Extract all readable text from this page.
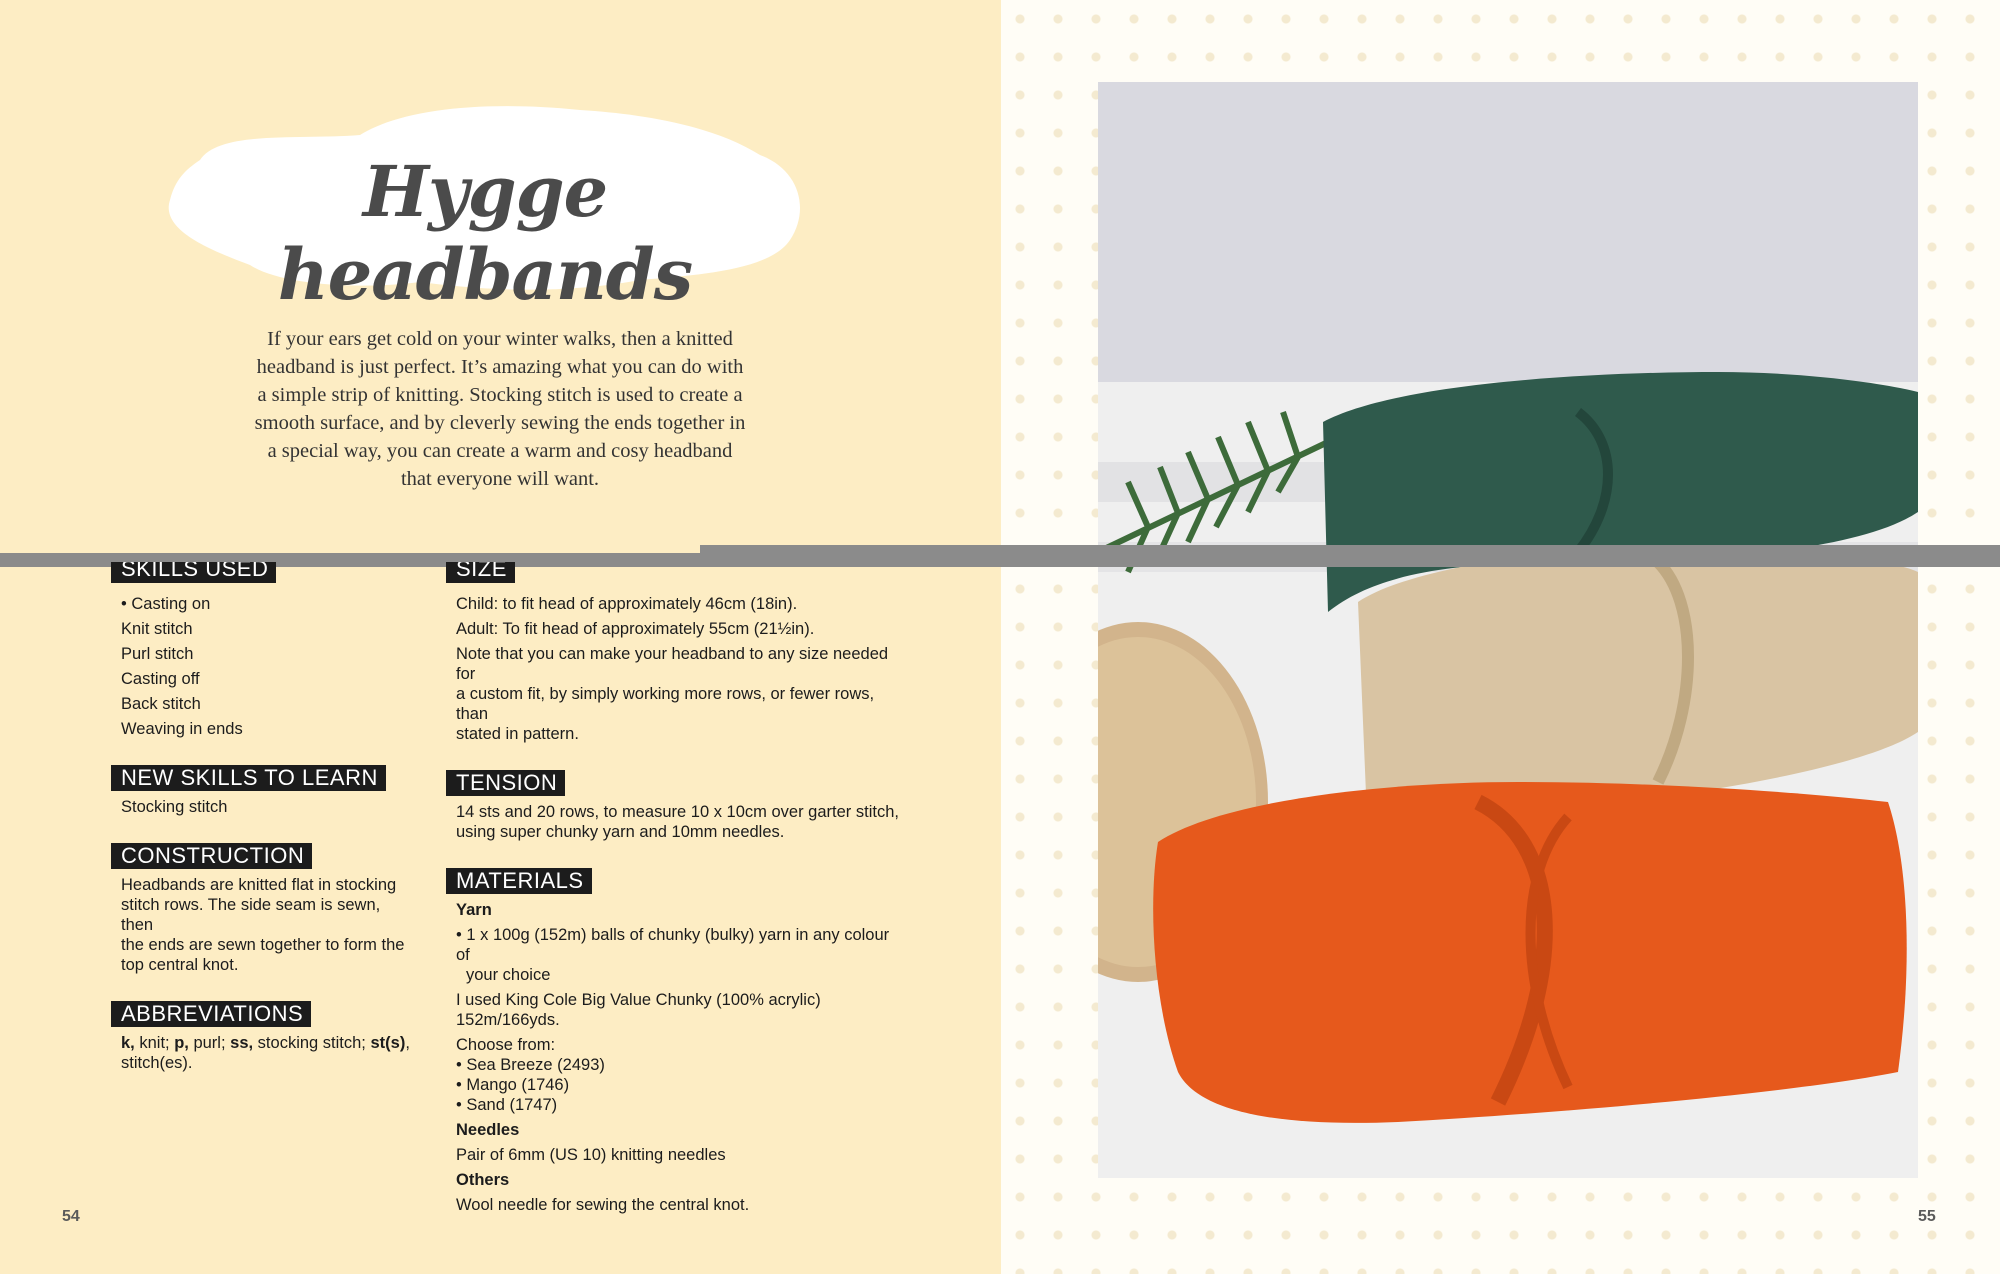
Hygge headbands
If your ears get cold on your winter walks, then a knitted
headband is just perfect. It’s amazing what you can do with
a simple strip of knitting. Stocking stitch is used to create a
smooth surface, and by cleverly sewing the ends together in
a special way, you can create a warm and cosy headband
that everyone will want.
SKILLS USED
• Casting on
Knit stitch
Purl stitch
Casting off
Back stitch
Weaving in ends
NEW SKILLS TO LEARN
Stocking stitch
CONSTRUCTION
Headbands are knitted flat in stocking
stitch rows. The side seam is sewn, then
the ends are sewn together to form the
top central knot.
ABBREVIATIONS
k, knit; p, purl; ss, stocking stitch; st(s),
stitch(es).
SIZE
Child: to fit head of approximately 46cm (18in).
Adult: To fit head of approximately 55cm (21½in).
Note that you can make your headband to any size needed for
a custom fit, by simply working more rows, or fewer rows, than
stated in pattern.
TENSION
14 sts and 20 rows, to measure 10 x 10cm over garter stitch,
using super chunky yarn and 10mm needles.
MATERIALS
Yarn
• 1 x 100g (152m) balls of chunky (bulky) yarn in any colour of
your choice
I used King Cole Big Value Chunky (100% acrylic)
152m/166yds.
Choose from:
• Sea Breeze (2493)
• Mango (1746)
• Sand (1747)
Needles
Pair of 6mm (US 10) knitting needles
Others
Wool needle for sewing the central knot.
54	55
